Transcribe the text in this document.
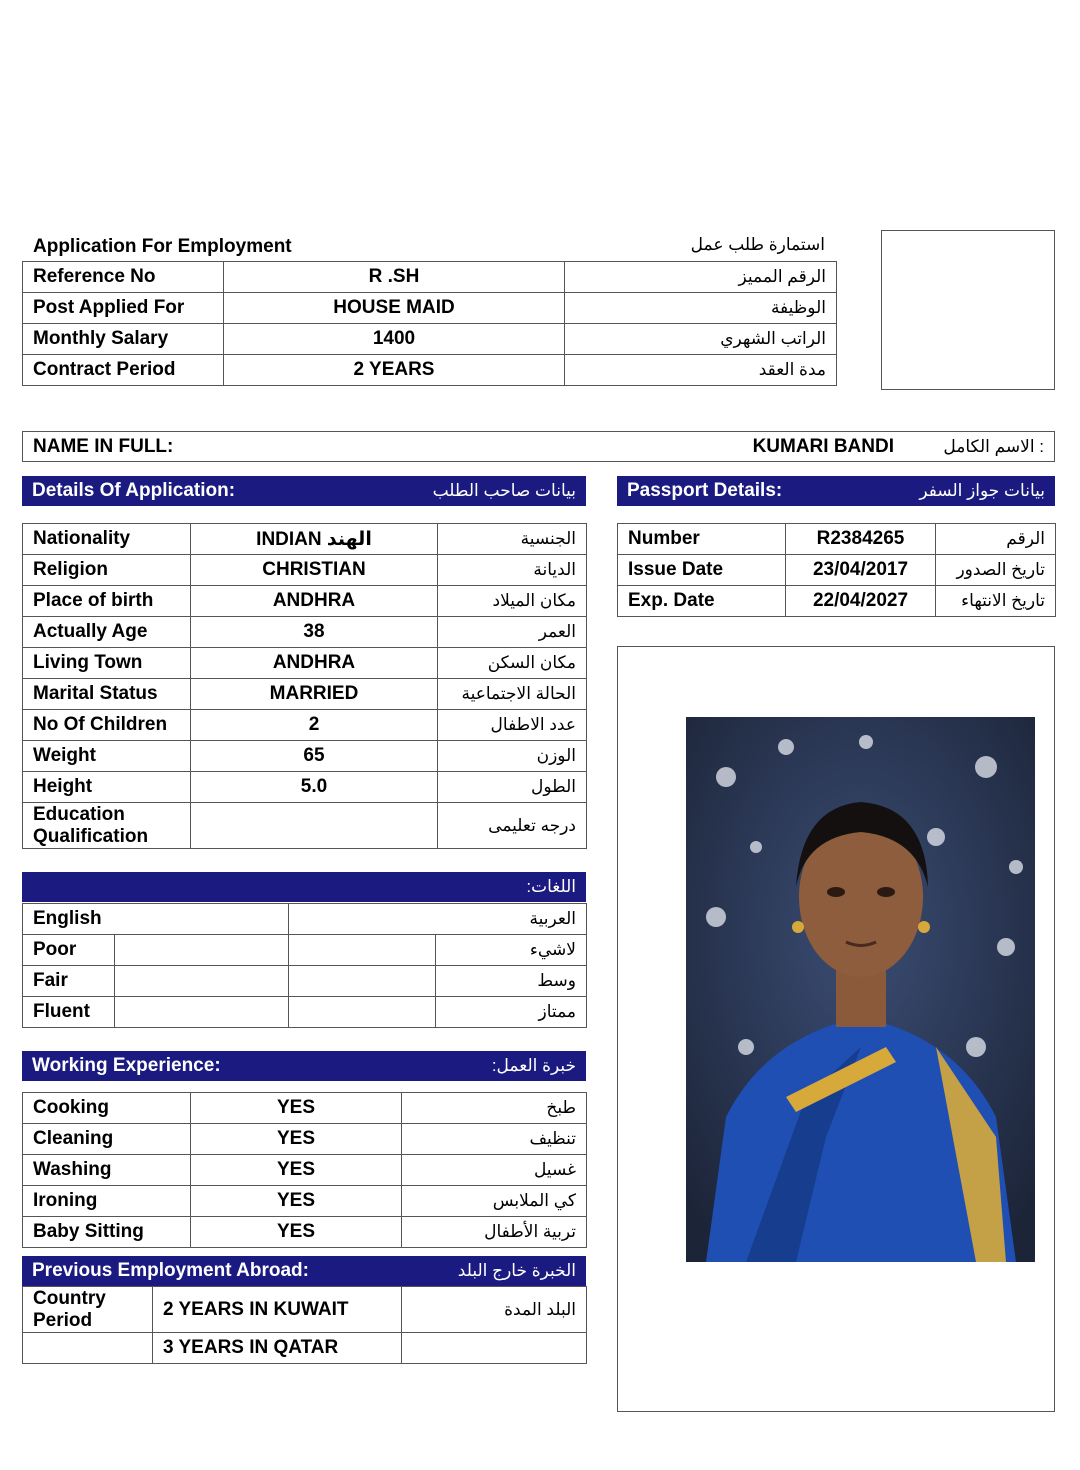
Application For Employment	استمارة طلب عمل
Reference No	R .SH	الرقم المميز
Post Applied For	HOUSE MAID	الوظيفة
Monthly Salary	1400	الراتب الشهري
Contract Period	2 YEARS	مدة العقد
NAME IN FULL:	KUMARI BANDI	: الاسم الكامل
Details Of Application:	بيانات صاحب الطلب	Passport Details:	بيانات جواز السفر
Nationality	INDIAN الهند	الجنسية
Religion	CHRISTIAN	الديانة
Place of birth	ANDHRA	مكان الميلاد
Actually Age	38	العمر
Living Town	ANDHRA	مكان السكن
Marital Status	MARRIED	الحالة الاجتماعية
No Of Children	2	عدد الاطفال
Weight	65	الوزن
Height	5.0	الطول

Education
Qualification		درجه تعليمى
Number	R2384265	الرقم
Issue Date	23/04/2017	تاريخ الصدور
Exp. Date	22/04/2027	تاريخ الانتهاء
اللغات:
English		العربية	
Poor			لاشيء
Fair			وسط
Fluent			ممتاز
Working Experience:	خبرة العمل:
Cooking	YES	طبخ
Cleaning	YES	تنظيف
Washing	YES	غسيل
Ironing	YES	كي الملابس
Baby Sitting	YES	تربية الأطفال
Previous Employment Abroad:	الخبرة خارج البلد
Country
Period	2 YEARS IN KUWAIT	البلد المدة
	3 YEARS IN QATAR	
